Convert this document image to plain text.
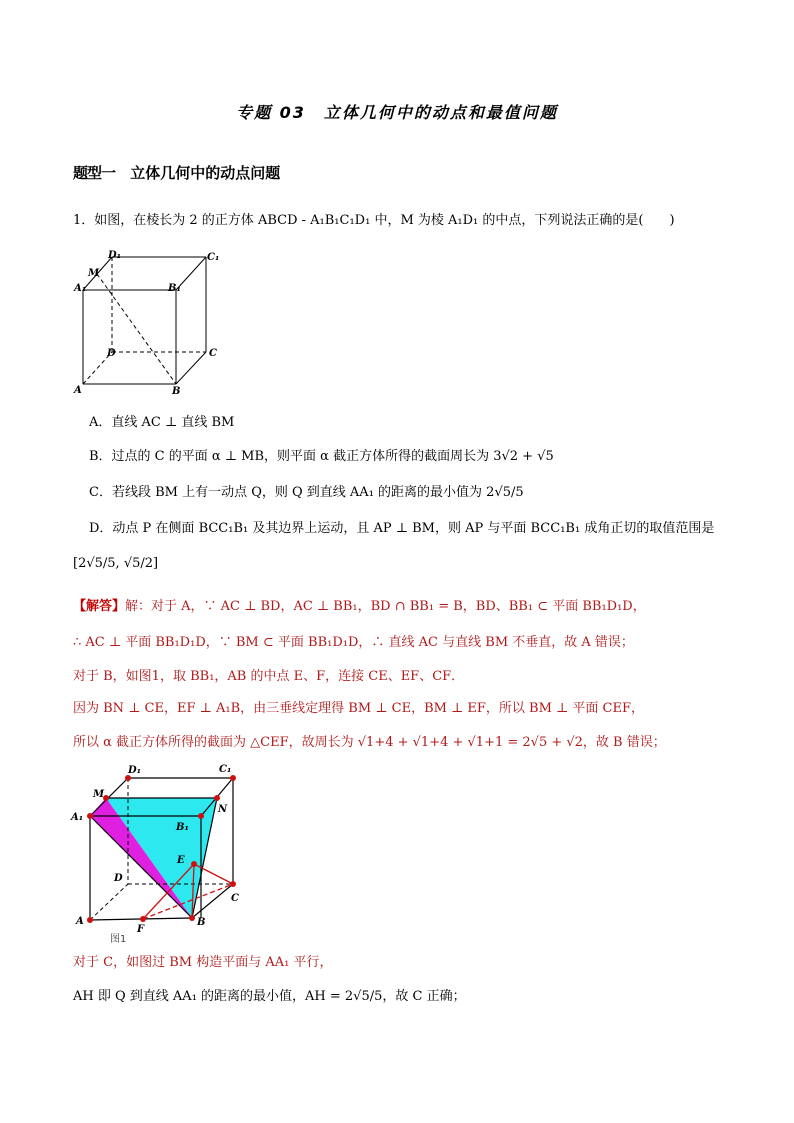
专题 03　立体几何中的动点和最值问题
题型一 立体几何中的动点问题
1．如图，在棱长为 2 的正方体 ABCD - A₁B₁C₁D₁ 中，M 为棱 A₁D₁ 的中点，下列说法正确的是(　　)
D₁	C₁
M
A₁	B₁
D	C
A	B
A．直线 AC ⊥ 直线 BM
B．过点的 C 的平面 α ⊥ MB，则平面 α 截正方体所得的截面周长为 3√2 + √5
C．若线段 BM 上有一动点 Q，则 Q 到直线 AA₁ 的距离的最小值为 2√5/5
D．动点 P 在侧面 BCC₁B₁ 及其边界上运动，且 AP ⊥ BM，则 AP 与平面 BCC₁B₁ 成角正切的取值范围是
[2√5/5, √5/2]
【解答】解：对于 A，∵ AC ⊥ BD，AC ⊥ BB₁，BD ∩ BB₁ = B，BD、BB₁ ⊂ 平面 BB₁D₁D，
∴ AC ⊥ 平面 BB₁D₁D，∵ BM ⊂ 平面 BB₁D₁D，∴ 直线 AC 与直线 BM 不垂直，故 A 错误；
对于 B，如图1，取 BB₁，AB 的中点 E、F，连接 CE、EF、CF．
因为 BN ⊥ CE，EF ⊥ A₁B，由三垂线定理得 BM ⊥ CE，BM ⊥ EF，所以 BM ⊥ 平面 CEF，
所以 α 截正方体所得的截面为 △CEF，故周长为 √1+4 + √1+4 + √1+1 = 2√5 + √2，故 B 错误；
D₁	C₁
M
N
A₁
B₁
E
D
C
A	B
F
图1
对于 C，如图过 BM 构造平面与 AA₁ 平行，
AH 即 Q 到直线 AA₁ 的距离的最小值，AH = 2√5/5，故 C 正确；
